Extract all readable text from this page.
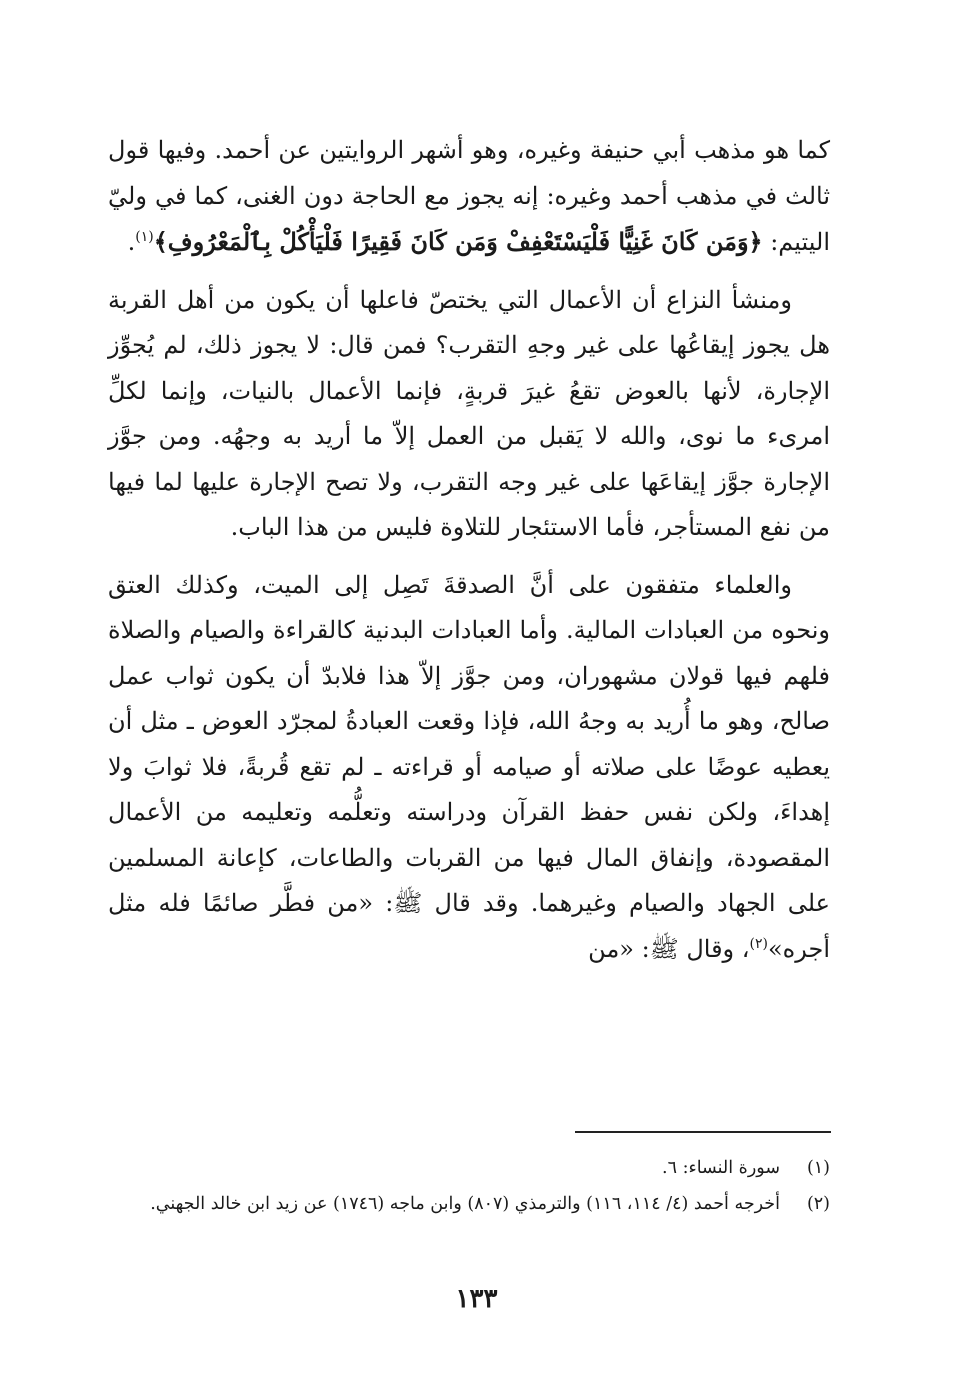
كما هو مذهب أبي حنيفة وغيره، وهو أشهر الروايتين عن أحمد. وفيها قول ثالث في مذهب أحمد وغيره: إنه يجوز مع الحاجة دون الغنى، كما في وليّ اليتيم: ﴿وَمَن كَانَ غَنِيًّا فَلْيَسْتَعْفِفْ وَمَن كَانَ فَقِيرًا فَلْيَأْكُلْ بِٱلْمَعْرُوفِ﴾$^{(١)}$.

ومنشأ النزاع أن الأعمال التي يختصّ فاعلها أن يكون من أهل القربة هل يجوز إيقاعُها على غير وجهِ التقرب؟ فمن قال: لا يجوز ذلك، لم يُجوِّز الإجارة، لأنها بالعوض تقعُ غيرَ قربةٍ، فإنما الأعمال بالنيات، وإنما لكلِّ امرىء ما نوى، والله لا يَقبل من العمل إلاّ ما أريد به وجهُه. ومن جوَّز الإجارة جوَّز إيقاعَها على غير وجه التقرب، ولا تصح الإجارة عليها لما فيها من نفع المستأجر، فأما الاستئجار للتلاوة فليس من هذا الباب.

والعلماء متفقون على أنَّ الصدقةَ تَصِل إلى الميت، وكذلك العتق ونحوه من العبادات المالية. وأما العبادات البدنية كالقراءة والصيام والصلاة فلهم فيها قولان مشهوران، ومن جوَّز إلاّ هذا فلابدّ أن يكون ثواب عمل صالح، وهو ما أُريد به وجهُ الله، فإذا وقعت العبادةُ لمجرّد العوض ـ مثل أن يعطيه عوضًا على صلاته أو صيامه أو قراءته ـ لم تقع قُربةً، فلا ثوابَ ولا إهداءَ، ولكن نفس حفظ القرآن ودراسته وتعلُّمه وتعليمه من الأعمال المقصودة، وإنفاق المال فيها من القربات والطاعات، كإعانة المسلمين على الجهاد والصيام وغيرهما. وقد قال ﷺ: «من فطَّر صائمًا فله مثل أجره»$^{(٢)}$، وقال ﷺ: «من

(١)
سورة النساء: ٦.
(٢)
أخرجه أحمد (٤/ ١١٤، ١١٦) والترمذي (٨٠٧) وابن ماجه (١٧٤٦) عن زيد ابن خالد الجهني.
١٣٣
